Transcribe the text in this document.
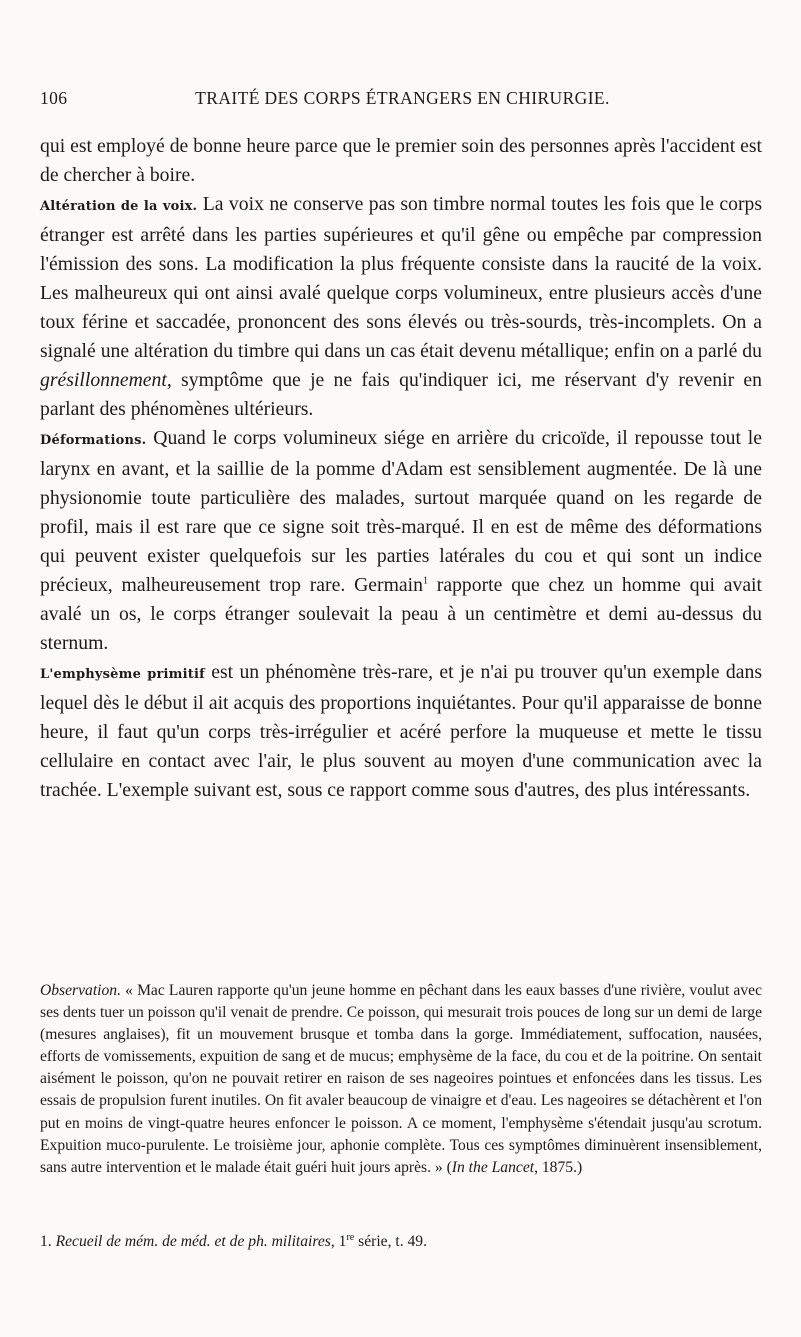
106	TRAITÉ DES CORPS ÉTRANGERS EN CHIRURGIE.

qui est employé de bonne heure parce que le premier soin des personnes après l'accident est de chercher à boire.

Altération de la voix. La voix ne conserve pas son timbre normal toutes les fois que le corps étranger est arrêté dans les parties supérieures et qu'il gêne ou empêche par compression l'émission des sons. La modification la plus fréquente consiste dans la raucité de la voix. Les malheureux qui ont ainsi avalé quelque corps volumineux, entre plusieurs accès d'une toux férine et saccadée, prononcent des sons élevés ou très-sourds, très-incomplets. On a signalé une altération du timbre qui dans un cas était devenu métallique; enfin on a parlé du grésillonnement, symptôme que je ne fais qu'indiquer ici, me réservant d'y revenir en parlant des phénomènes ultérieurs.

Déformations. Quand le corps volumineux siége en arrière du cricoïde, il repousse tout le larynx en avant, et la saillie de la pomme d'Adam est sensiblement augmentée. De là une physionomie toute particulière des malades, surtout marquée quand on les regarde de profil, mais il est rare que ce signe soit très-marqué. Il en est de même des déformations qui peuvent exister quelquefois sur les parties latérales du cou et qui sont un indice précieux, malheureusement trop rare. Germain$^1$ rapporte que chez un homme qui avait avalé un os, le corps étranger soulevait la peau à un centimètre et demi au-dessus du sternum.

L'emphysème primitif est un phénomène très-rare, et je n'ai pu trouver qu'un exemple dans lequel dès le début il ait acquis des proportions inquiétantes. Pour qu'il apparaisse de bonne heure, il faut qu'un corps très-irrégulier et acéré perfore la muqueuse et mette le tissu cellulaire en contact avec l'air, le plus souvent au moyen d'une communication avec la trachée. L'exemple suivant est, sous ce rapport comme sous d'autres, des plus intéressants.

Observation. « Mac Lauren rapporte qu'un jeune homme en pêchant dans les eaux basses d'une rivière, voulut avec ses dents tuer un poisson qu'il venait de prendre. Ce poisson, qui mesurait trois pouces de long sur un demi de large (mesures anglaises), fit un mouvement brusque et tomba dans la gorge. Immédiatement, suffocation, nausées, efforts de vomissements, expuition de sang et de mucus; emphysème de la face, du cou et de la poitrine. On sentait aisément le poisson, qu'on ne pouvait retirer en raison de ses nageoires pointues et enfoncées dans les tissus. Les essais de propulsion furent inutiles. On fit avaler beaucoup de vinaigre et d'eau. Les nageoires se détachèrent et l'on put en moins de vingt-quatre heures enfoncer le poisson. A ce moment, l'emphysème s'étendait jusqu'au scrotum. Expuition muco-purulente. Le troisième jour, aphonie complète. Tous ces symptômes diminuèrent insensiblement, sans autre intervention et le malade était guéri huit jours après. » (In the Lancet, 1875.)

1. Recueil de mém. de méd. et de ph. militaires, 1re série, t. 49.
